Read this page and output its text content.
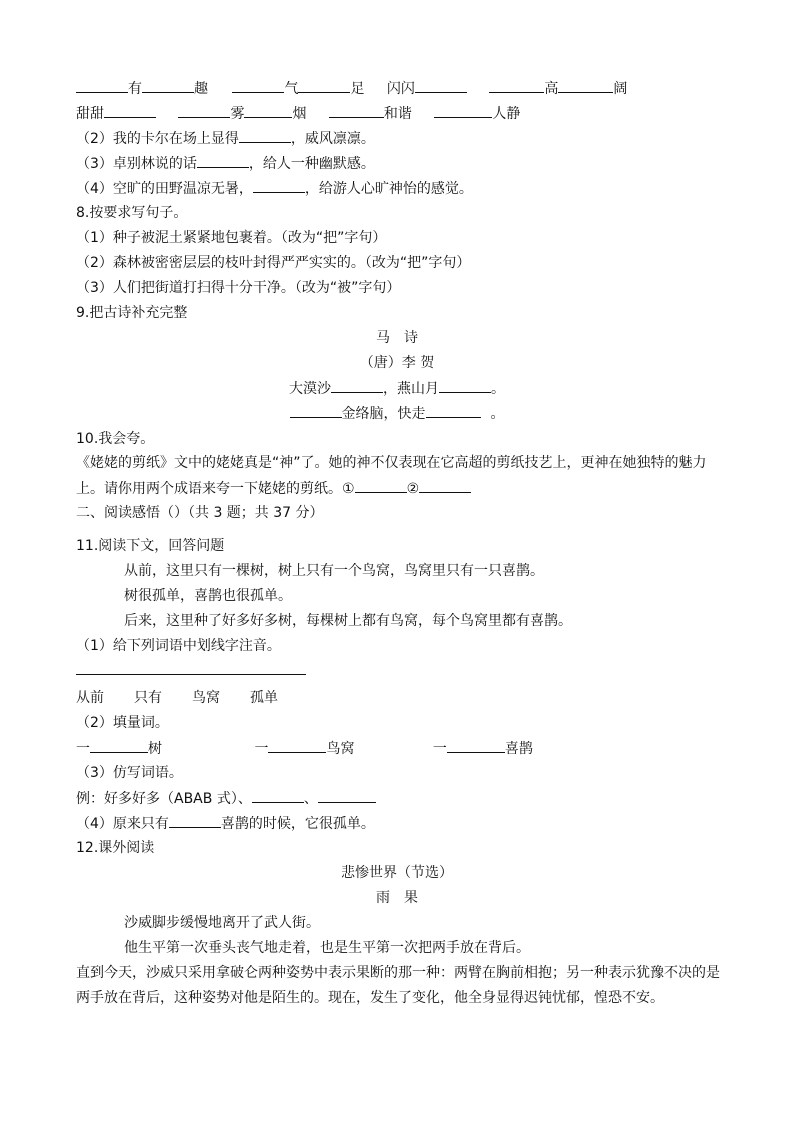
有	趣	气	足 闪闪	高	阔
甜甜	雾	烟	和谐	人静
（2）我的卡尔在场上显得	，威风凛凛。
（3）卓别林说的话	，给人一种幽默感。
（4）空旷的田野温凉无暑，	，给游人心旷神怡的感觉。
8.按要求写句子。
（1）种子被泥土紧紧地包裹着。（改为“把”字句）
（2）森林被密密层层的枝叶封得严严实实的。（改为“把”字句）
（3）人们把街道打扫得十分干净。（改为“被”字句）
9.把古诗补充完整
马　诗
（唐）李 贺
大漠沙	，燕山月	。
金络脑，快走	。
10.我会夸。
《姥姥的剪纸》文中的姥姥真是“神”了。她的神不仅表现在它高超的剪纸技艺上，更神在她独特的魅力
上。请你用两个成语来夸一下姥姥的剪纸。①	②
二、阅读感悟（）（共 3 题；共 37 分）
11.阅读下文，回答问题
从前，这里只有一棵树，树上只有一个鸟窝，鸟窝里只有一只喜鹊。
树很孤单，喜鹊也很孤单。
后来，这里种了好多好多树，每棵树上都有鸟窝，每个鸟窝里都有喜鹊。
（1）给下列词语中划线字注音。
从前 只有 鸟窝 孤单
（2）填量词。
一	树	一	鸟窝	一	喜鹊
（3）仿写词语。
例：好多好多（ABAB 式）、	、
（4）原来只有	喜鹊的时候，它很孤单。
12.课外阅读
悲惨世界（节选）
雨　果
沙威脚步缓慢地离开了武人街。
他生平第一次垂头丧气地走着，也是生平第一次把两手放在背后。
直到今天，沙威只采用拿破仑两种姿势中表示果断的那一种：两臂在胸前相抱；另一种表示犹豫不决的是
两手放在背后，这种姿势对他是陌生的。现在，发生了变化，他全身显得迟钝忧郁，惶恐不安。
